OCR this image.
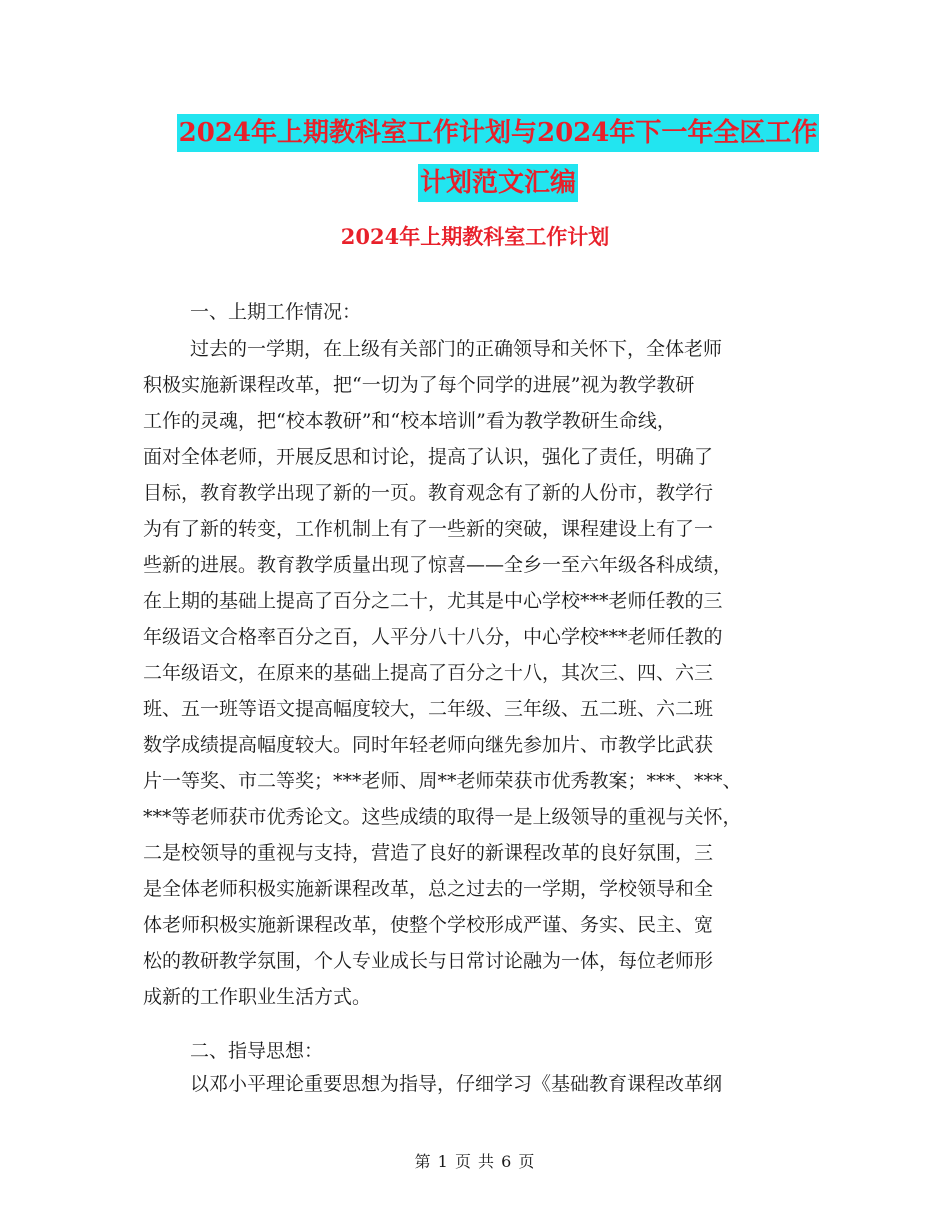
2024年上期教科室工作计划与2024年下一年全区工作
计划范文汇编
2024年上期教科室工作计划

一、上期工作情况：

过去的一学期，在上级有关部门的正确领导和关怀下，全体老师
积极实施新课程改革，把“一切为了每个同学的进展”视为教学教研
工作的灵魂，把“校本教研”和“校本培训”看为教学教研生命线，
面对全体老师，开展反思和讨论，提高了认识，强化了责任，明确了
目标，教育教学出现了新的一页。教育观念有了新的人份市，教学行
为有了新的转变，工作机制上有了一些新的突破，课程建设上有了一
些新的进展。教育教学质量出现了惊喜——全乡一至六年级各科成绩，
在上期的基础上提高了百分之二十，尤其是中心学校***老师任教的三
年级语文合格率百分之百，人平分八十八分，中心学校***老师任教的
二年级语文，在原来的基础上提高了百分之十八，其次三、四、六三
班、五一班等语文提高幅度较大，二年级、三年级、五二班、六二班
数学成绩提高幅度较大。同时年轻老师向继先参加片、市教学比武获
片一等奖、市二等奖；***老师、周**老师荣获市优秀教案；***、***、
***等老师获市优秀论文。这些成绩的取得一是上级领导的重视与关怀，
二是校领导的重视与支持，营造了良好的新课程改革的良好氛围，三
是全体老师积极实施新课程改革，总之过去的一学期，学校领导和全
体老师积极实施新课程改革，使整个学校形成严谨、务实、民主、宽
松的教研教学氛围，个人专业成长与日常讨论融为一体，每位老师形
成新的工作职业生活方式。

二、指导思想：

以邓小平理论重要思想为指导，仔细学习《基础教育课程改革纲
第 1 页 共 6 页
